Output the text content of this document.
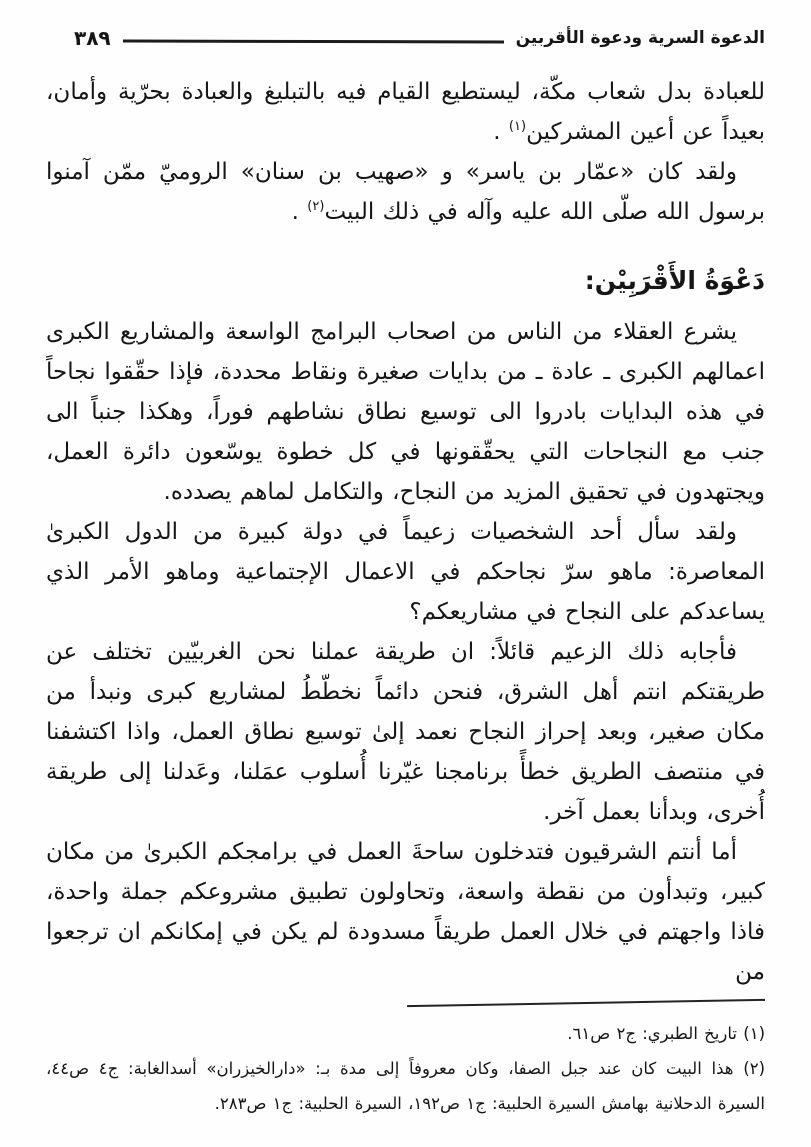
الدعوة السرية ودعوة الأقربين
٣٨٩

للعبادة بدل شعاب مكّة، ليستطيع القيام فيه بالتبليغ والعبادة بحرّية وأمان، بعيداً عن أعين المشركين$^{(١)}$ .

ولقد كان «عمّار بن ياسر» و «صهيب بن سنان» الروميّ ممّن آمنوا برسول الله صلّى الله عليه وآله في ذلك البيت$^{(٢)}$ .

دَعْوَةُ الأَقْرَبِيْن:

يشرع العقلاء من الناس من اصحاب البرامج الواسعة والمشاريع الكبرى اعمالهم الكبرى ـ عادة ـ من بدايات صغيرة ونقاط محددة، فإذا حقّقوا نجاحاً في هذه البدايات بادروا الى توسيع نطاق نشاطهم فوراً، وهكذا جنباً الى جنب مع النجاحات التي يحقّقونها في كل خطوة يوسّعون دائرة العمل، ويجتهدون في تحقيق المزيد من النجاح، والتكامل لماهم يصدده.

ولقد سأل أحد الشخصيات زعيماً في دولة كبيرة من الدول الكبرىٰ المعاصرة: ماهو سرّ نجاحكم في الاعمال الإجتماعية وماهو الأمر الذي يساعدكم على النجاح في مشاريعكم؟

فأجابه ذلك الزعيم قائلاً: ان طريقة عملنا نحن الغربيّين تختلف عن طريقتكم انتم أهل الشرق، فنحن دائماً نخطّطُ لمشاريع كبرى ونبدأ من مكان صغير، وبعد إحراز النجاح نعمد إلىٰ توسيع نطاق العمل، واذا اكتشفنا في منتصف الطريق خطأً برنامجنا غيّرنا أُسلوب عمَلنا، وعَدلنا إلى طريقة أُخرى، وبدأنا بعمل آخر.

أما أنتم الشرقيون فتدخلون ساحةَ العمل في برامجكم الكبرىٰ من مكان كبير، وتبدأون من نقطة واسعة، وتحاولون تطبيق مشروعكم جملة واحدة، فاذا واجهتم في خلال العمل طريقاً مسدودة لم يكن في إمكانكم ان ترجعوا من

(١) تاريخ الطبري: ج٢ ص٦١.
(٢) هذا البيت كان عند جبل الصفا، وكان معروفاً إلى مدة بـ: «دارالخيزران» أسدالغابة: ج٤ ص٤٤، السيرة الدحلانية بهامش السيرة الحلبية: ج١ ص١٩٢، السيرة الحلبية: ج١ ص٢٨٣.
